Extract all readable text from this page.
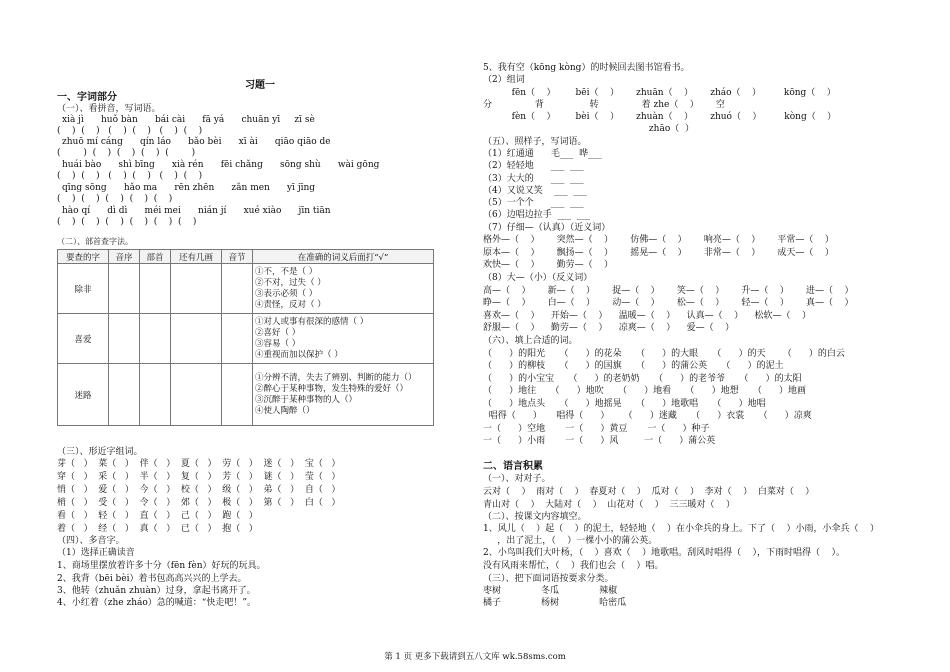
习题一
一、字词部分
（一）、看拼音，写词语。
xià jì      huǒ bàn      bái cài      fā yá      chuān yī     zī sè
(    )  (    )   (    )  (    )   (    )  (    )
zhuō mí cáng      qín láo      bǎo bèi      xī ài      qiāo qiāo de
(        )  (    )  (    )  (    )  (        )
huái bào      shì bīng      xià rén      fēi chǎng      sōng shù      wài gōng
(    )  (    )   (    )  (    )   (    )  (    )
qīng sōng      hǎo ma      rēn zhēn      zǎn men      yī jīng
(    )  (    )  (    )  (    )  (    )
hào qí      dì dì      méi mei      nián jí      xué xiào      jīn tiān
(    )  (    )  (    )  (    )  (    )  (    )
（二）、部首查字法。
要查的字	音序	部首	还有几画	音节	在准确的词义后面打“√”
除非					①不，不是（ ）
②不对，过失（ ）
③表示必须（ ）
④责怪，反对（ ）
喜爱					①对人或事有很深的感情（ ）
②喜好（ ）
③容易（ ）
④重视而加以保护（ ）
迷路					①分辨不清，失去了辨别、判断的能力（）
②醉心于某种事物，发生特殊的爱好（）
③沉醉于某种事物的人（）
④使人陶醉（）
（三）、形近字组词。
芽（   ）  菜（   ）  伴（   ）  夏（   ）  劳（   ）  迷（   ）  宝（   ）
穿（   ）  采（   ）  半（   ）  复（   ）  芳（   ）  谜（   ）  莹（   ）
悄（   ）  爱（   ）  今（   ）  校（   ）  级（   ）  弟（   ）  自（   ）
梢（   ）  受（   ）  令（   ）  郊（   ）  极（   ）  第（   ）  白（   ）
看（   ）  轻（   ）  直（   ）  己（   ）  跑（   ）
着（   ）  经（   ）  真（   ）  已（   ）  抱（   ）
（四）、多音字。
（1）选择正确读音
1、商场里摆放着许多十分（fēn fèn）好玩的玩具。
2、我背（bēi bèi）着书包高高兴兴的上学去。
3、他转（zhuǎn zhuàn）过身，拿起书离开了。
4、小红着（zhe zháo）急的喊道：“快走吧！”。
5、我有空（kōng kòng）的时候回去图书馆看书。
（2）组词
fēn（    ）       bēi（    ）      zhuān（    ）      zháo（    ）        kōng（    ）
分               背                转               着 zhe（    ）      空
fèn（    ）       bèi（    ）      zhuàn（    ）      zhuó（    ）        kòng（    ）
zhāo（  ）
（五）、照样子，写词语。
（1）红通通      毛___  哗___
（2）轻轻地      ___  ___
（3）大大的      ___  ___
（4）又说又笑    ___  ___
（5）一个个      ___  ___
（6）边唱边拉手  ___  ___
（7）仔细—（认真）（近义词）
格外—（    ）      突然—（    ）      仿佛—（    ）      响亮—（    ）      平常—（    ）
原本—（    ）      飘扬—（    ）      摇晃—（    ）      非常—（    ）      成天—（    ）
欢快—（    ）      勤劳—（    ）
（8）大—（小）（反义词）
高—（    ）      新—（    ）      捉—（    ）      笑—（    ）      升—（    ）      进—（    ）
睁—（    ）      白—（    ）      动—（    ）      松—（    ）      轻—（    ）      真—（    ）
喜欢—（    ）    开始—（    ）    温暖—（    ）    认真—（    ）    松软—（    ）
舒服—（    ）    勤劳—（    ）    凉爽—（    ）    爱—（    ）
（六）、填上合适的词。
（      ）的阳光     （      ）的花朵     （      ）的大眼     （      ）的天      （      ）的白云
（      ）的柳枝     （      ）的国旗     （      ）的蒲公英     （      ）的泥土
（      ）的小宝宝     （      ）的老奶奶     （      ）的老爷爷     （      ）的太阳
（      ）地往     （      ）地吹     （      ）地看     （      ）地想     （      ）地画
（      ）地点头     （      ）地摇晃     （      ）地歌唱     （      ）地唱
唱得（      ）     唱得（      ）     （      ）迷藏     （      ）衣裳     （      ）凉爽
一（      ）空地       一（      ）黄豆       一（      ）种子
一（      ）小雨       一（      ）风         一（      ）蒲公英
二、语言积累
（一）、对对子。
云对（    ）  雨对（    ）  春夏对（    ）  瓜对（    ）  李对（    ）  白菜对（    ）
青山对（    ）  大陆对（    ）  山花对（    ）  三三暖对（    ）
（二）、按课文内容填空。
1、风儿（    ）起（    ）的泥土，轻轻地（    ）在小伞兵的身上。下了（    ）小雨，小伞兵（    ）
，出了泥土，（    ）一棵小小的蒲公英。
2、小鸟叫我们大叶杨，（    ）喜欢（    ）地歌唱。刮风时唱得（    ），下雨时唱得（    ）。
没有风雨来帮忙，（    ）我们也会（    ）唱。
（三）、把下面词语按要求分类。
枣树              冬瓜              辣椒
橘子              杨树              哈密瓜
第 1 页 更多下载请到五八文库 wk.58sms.com
